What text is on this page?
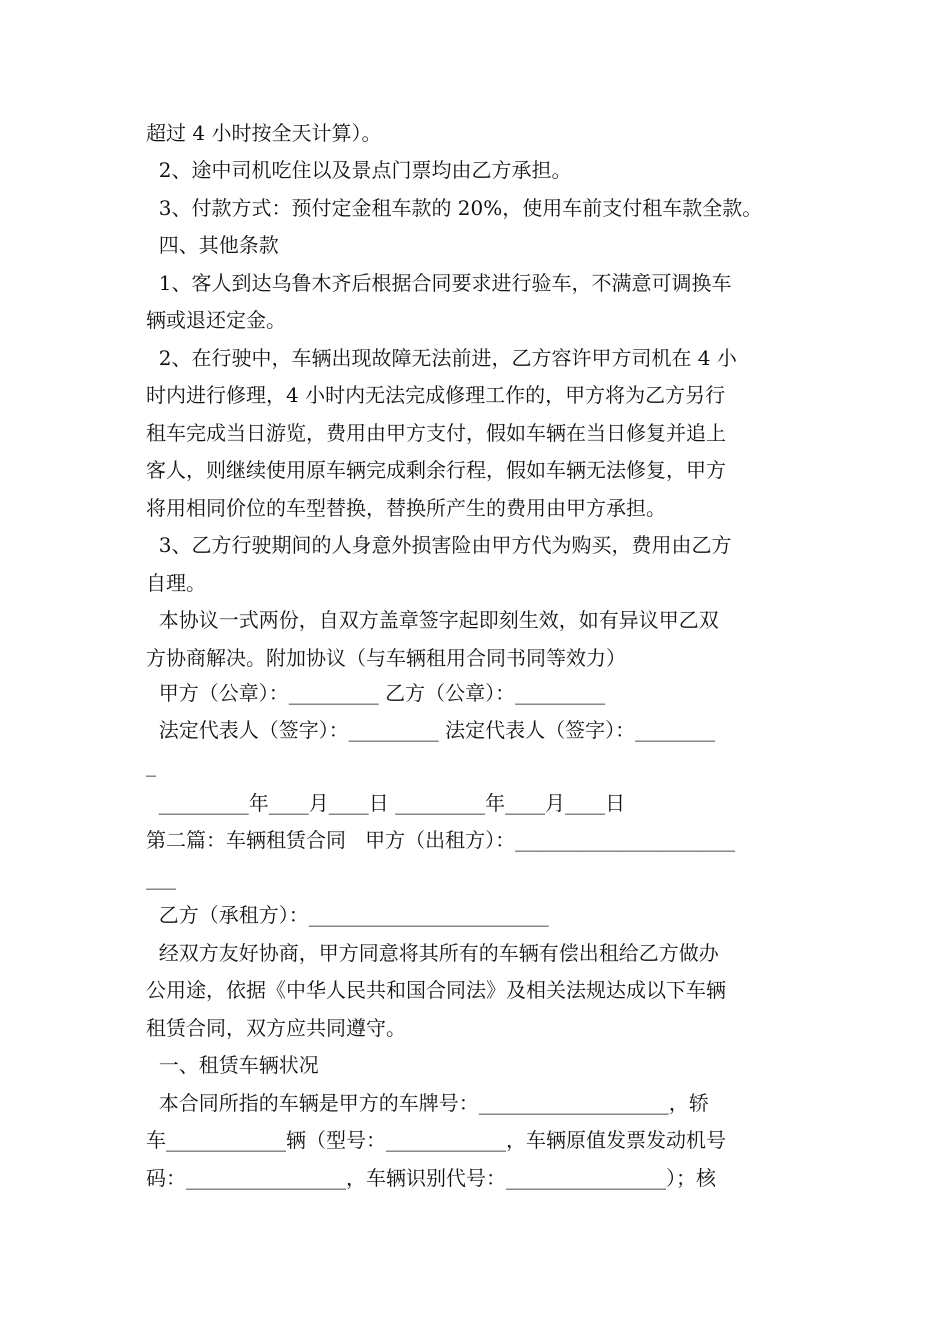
超过 4 小时按全天计算）。
2、途中司机吃住以及景点门票均由乙方承担。
3、付款方式：预付定金租车款的 20%，使用车前支付租车款全款。
四、其他条款
1、客人到达乌鲁木齐后根据合同要求进行验车，不满意可调换车
辆或退还定金。
2、在行驶中，车辆出现故障无法前进，乙方容许甲方司机在 4 小
时内进行修理，4 小时内无法完成修理工作的，甲方将为乙方另行
租车完成当日游览，费用由甲方支付，假如车辆在当日修复并追上
客人，则继续使用原车辆完成剩余行程，假如车辆无法修复，甲方
将用相同价位的车型替换，替换所产生的费用由甲方承担。
3、乙方行驶期间的人身意外损害险由甲方代为购买，费用由乙方
自理。
本协议一式两份，自双方盖章签字起即刻生效，如有异议甲乙双
方协商解决。附加协议（与车辆租用合同书同等效力）
甲方（公章）：_________ 乙方（公章）：_________
法定代表人（签字）：_________ 法定代表人（签字）：________
_
_________年____月____日 _________年____月____日
第二篇：车辆租赁合同   甲方（出租方）：______________________
___
乙方（承租方）：________________________
经双方友好协商，甲方同意将其所有的车辆有偿出租给乙方做办
公用途，依据《中华人民共和国合同法》及相关法规达成以下车辆
租赁合同，双方应共同遵守。
一、租赁车辆状况
本合同所指的车辆是甲方的车牌号：___________________，轿
车____________辆（型号：____________，车辆原值发票发动机号
码：________________，车辆识别代号：________________）；核
